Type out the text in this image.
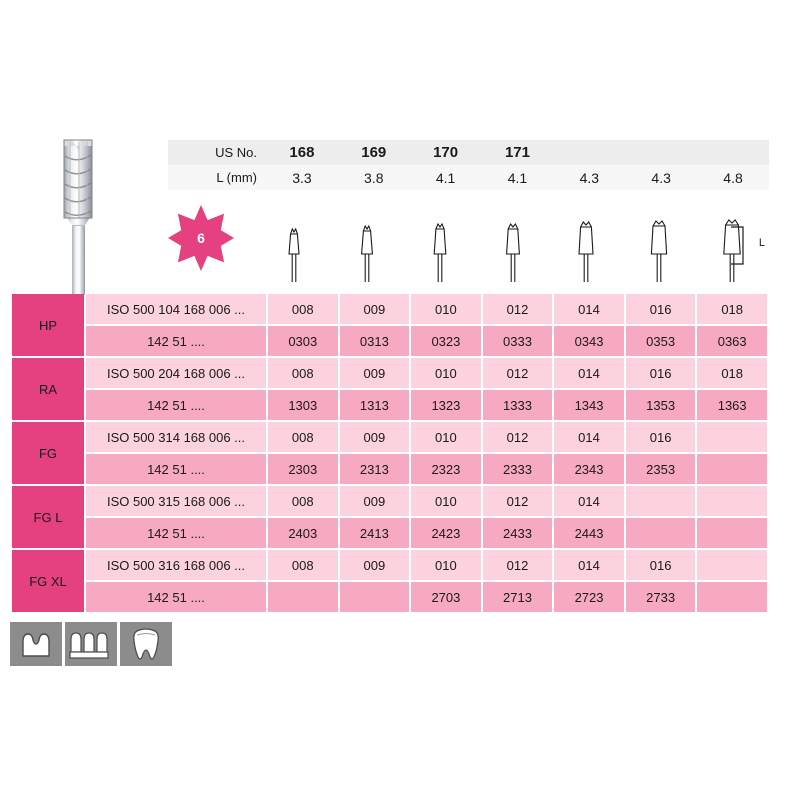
6	L
US No.	168	169	170	171			
L (mm)	3.3	3.8	4.1	4.1	4.3	4.3	4.8
HP	ISO 500 104 168 006 ...	008	009	010	012	014	016	018
	142 51 ....	0303	0313	0323	0333	0343	0353	0363
RA	ISO 500 204 168 006 ...	008	009	010	012	014	016	018
	142 51 ....	1303	1313	1323	1333	1343	1353	1363
FG	ISO 500 314 168 006 ...	008	009	010	012	014	016	
	142 51 ....	2303	2313	2323	2333	2343	2353	
FG L	ISO 500 315 168 006 ...	008	009	010	012	014		
	142 51 ....	2403	2413	2423	2433	2443		
FG XL	ISO 500 316 168 006 ...	008	009	010	012	014	016	
	142 51 ....			2703	2713	2723	2733	
